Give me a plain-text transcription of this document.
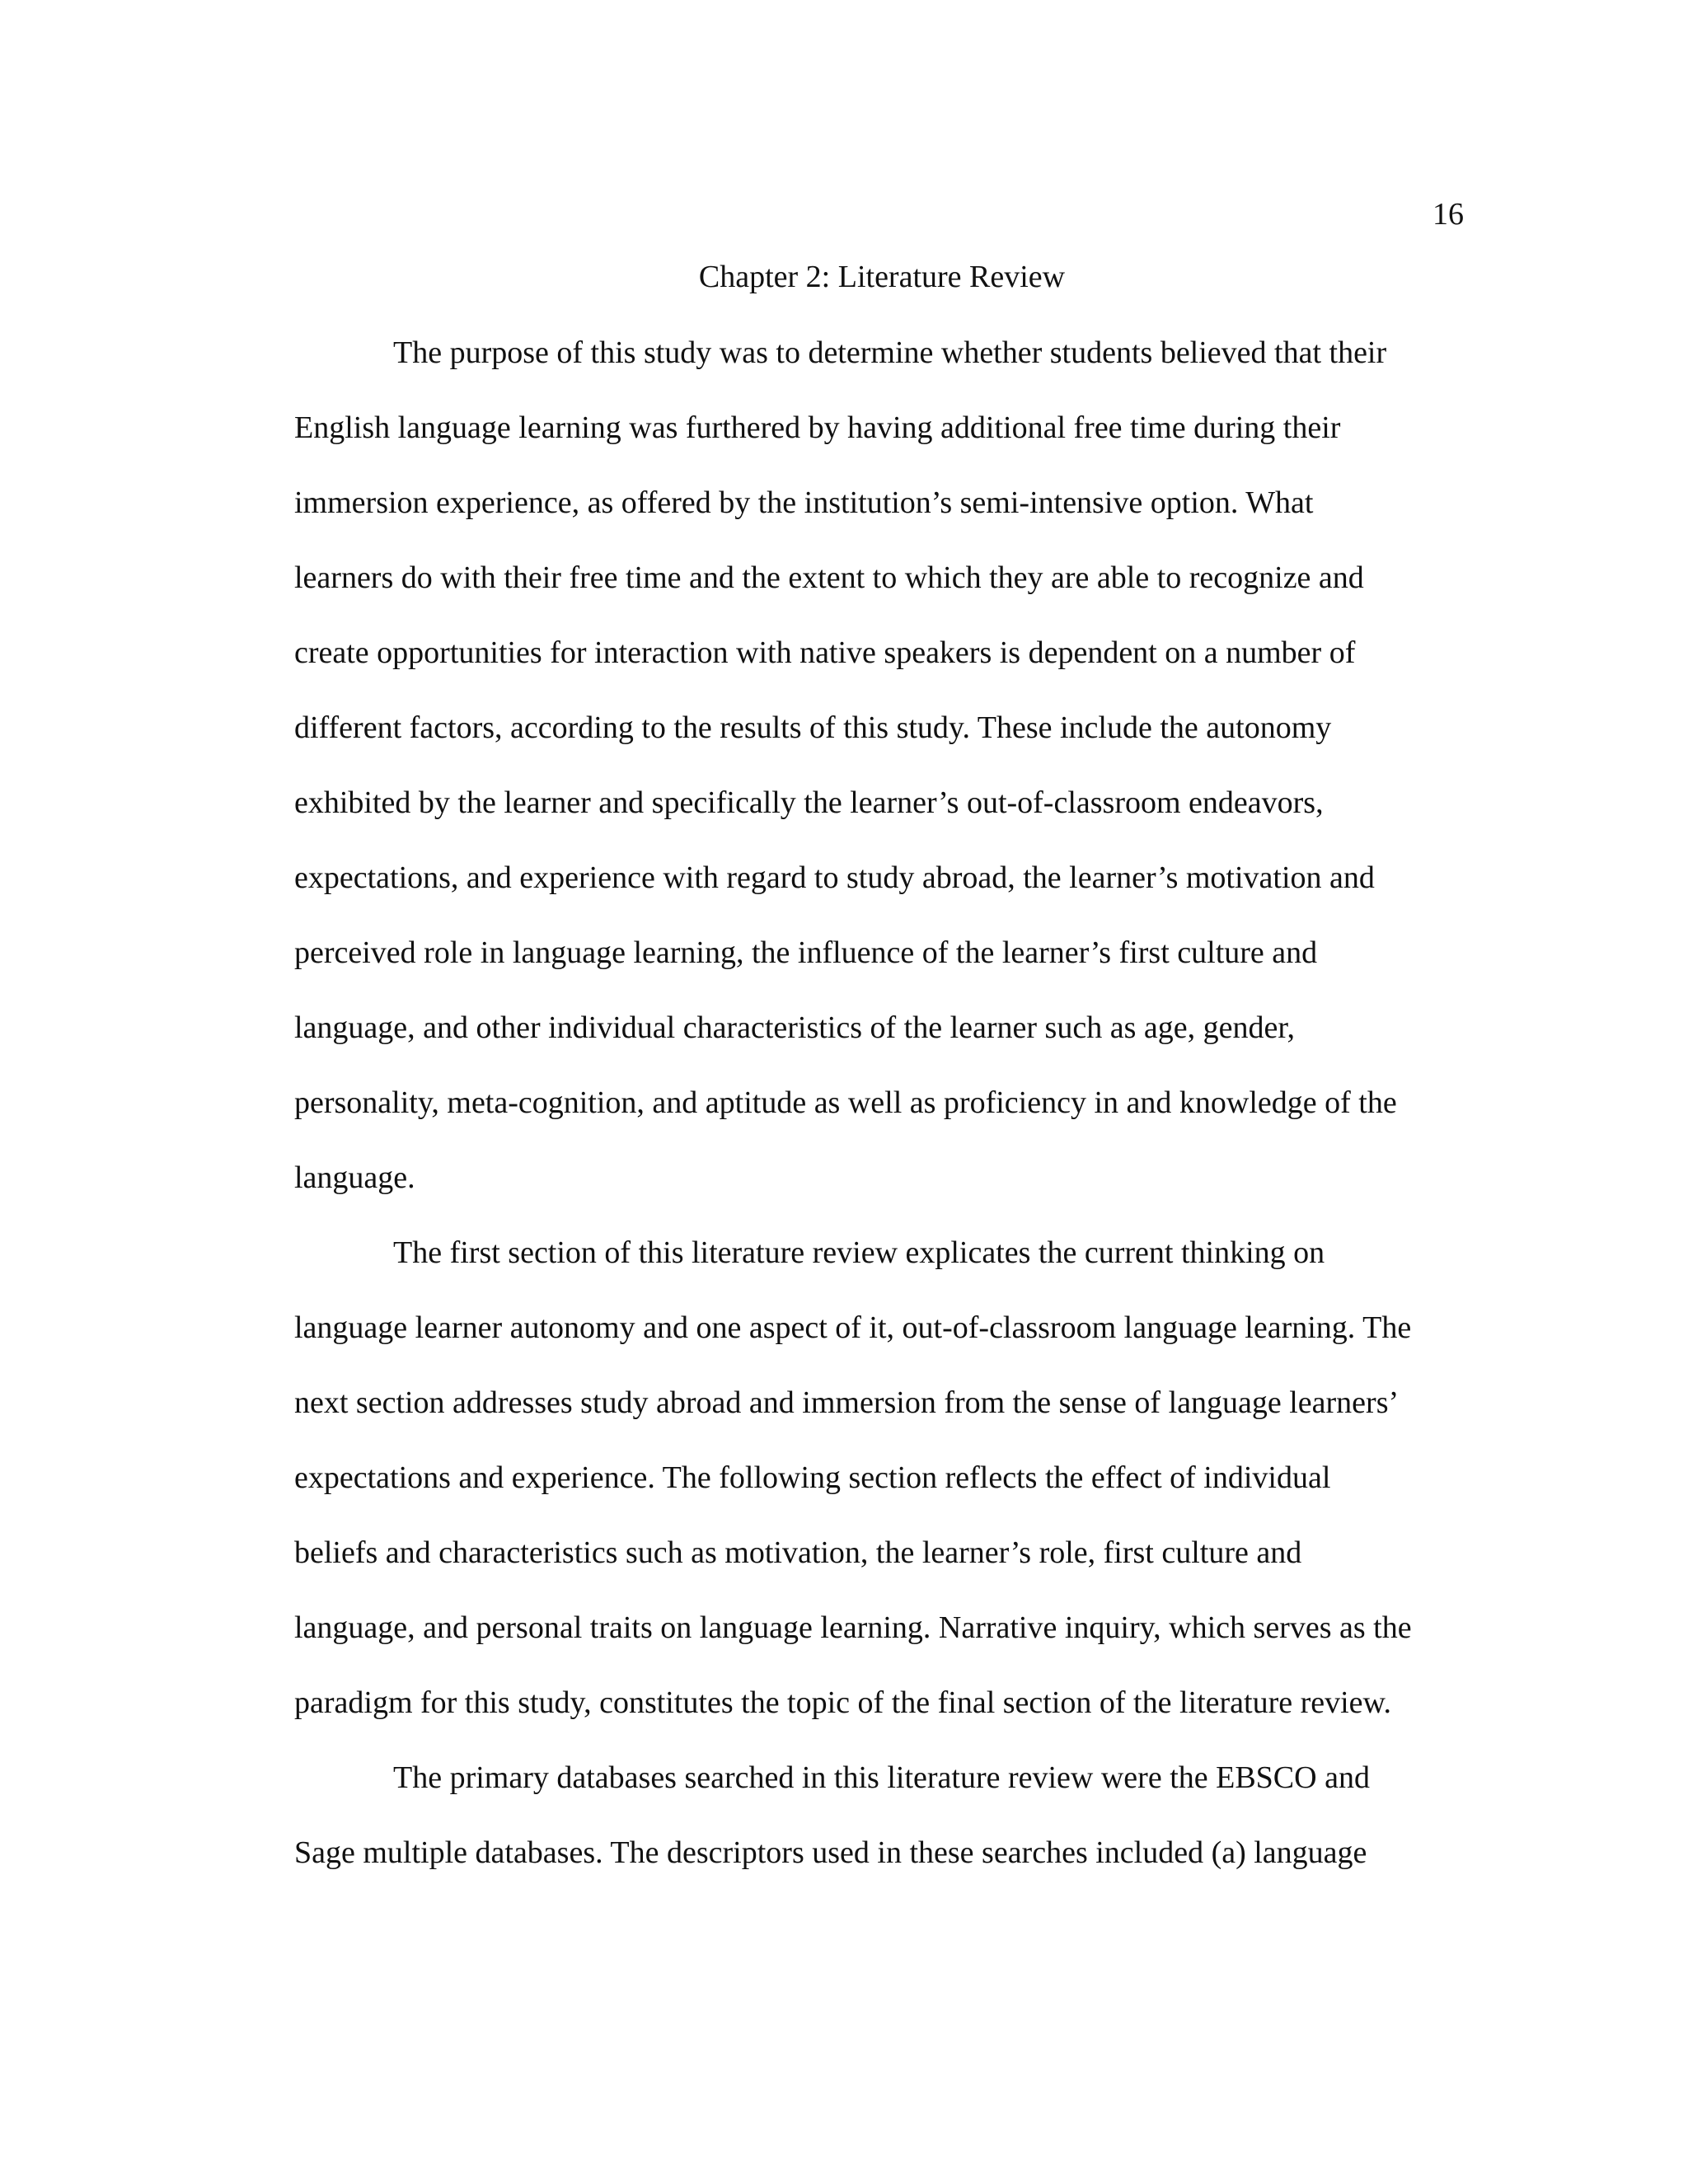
16
Chapter 2: Literature Review
The purpose of this study was to determine whether students believed that their
English language learning was furthered by having additional free time during their
immersion experience, as offered by the institution’s semi-intensive option. What
learners do with their free time and the extent to which they are able to recognize and
create opportunities for interaction with native speakers is dependent on a number of
different factors, according to the results of this study. These include the autonomy
exhibited by the learner and specifically the learner’s out-of-classroom endeavors,
expectations, and experience with regard to study abroad, the learner’s motivation and
perceived role in language learning, the influence of the learner’s first culture and
language, and other individual characteristics of the learner such as age, gender,
personality, meta-cognition, and aptitude as well as proficiency in and knowledge of the
language.
The first section of this literature review explicates the current thinking on
language learner autonomy and one aspect of it, out-of-classroom language learning. The
next section addresses study abroad and immersion from the sense of language learners’
expectations and experience. The following section reflects the effect of individual
beliefs and characteristics such as motivation, the learner’s role, first culture and
language, and personal traits on language learning. Narrative inquiry, which serves as the
paradigm for this study, constitutes the topic of the final section of the literature review.
The primary databases searched in this literature review were the EBSCO and
Sage multiple databases. The descriptors used in these searches included (a) language
